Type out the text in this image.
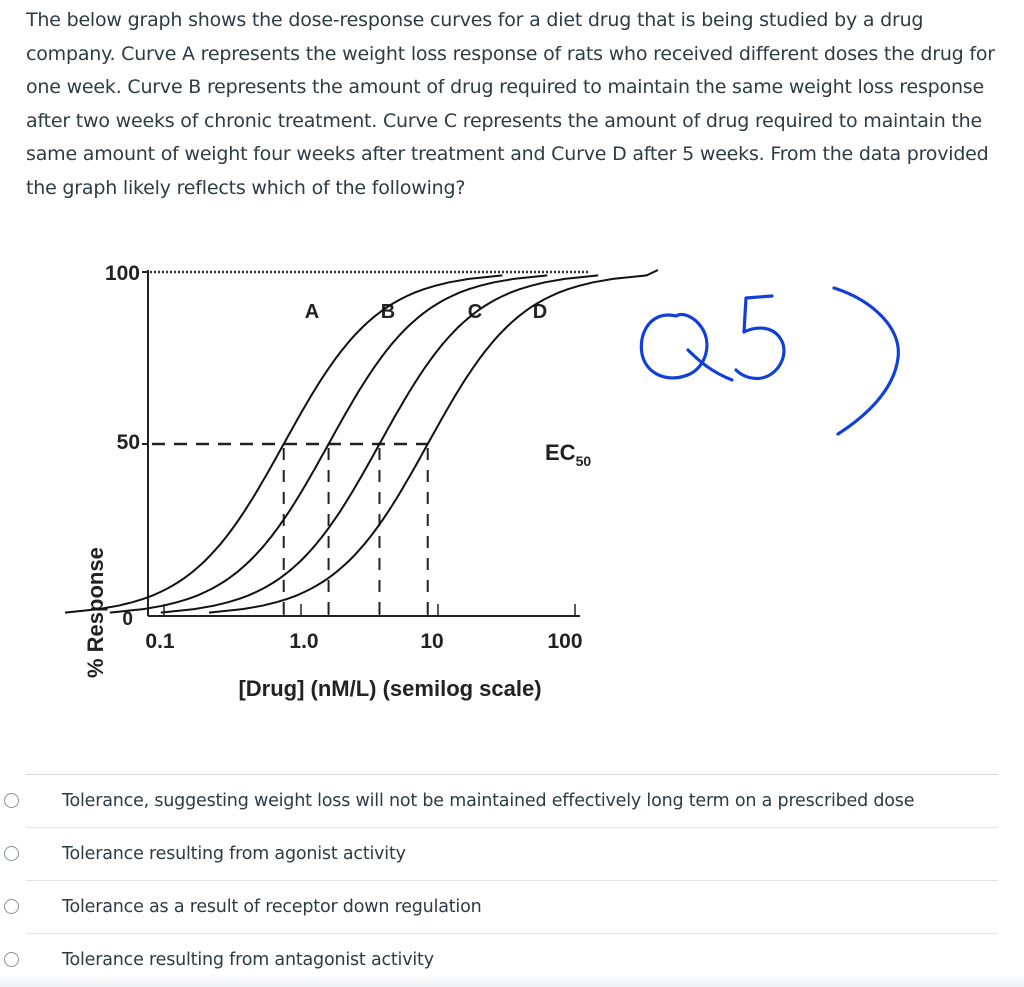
The below graph shows the dose-response curves for a diet drug that is being studied by a drug company. Curve A represents the weight loss response of rats who received different doses the drug for one week. Curve B represents the amount of drug required to maintain the same weight loss response after two weeks of chronic treatment. Curve C represents the amount of drug required to maintain the same amount of weight four weeks after treatment and Curve D after 5 weeks. From the data provided the graph likely reflects which of the following?
% Response
[Drug] (nM/L) (semilog scale)
100
50
0
0.1	1.0	10	100
A	B	C	D
$EC_{50}$
Tolerance, suggesting weight loss will not be maintained effectively long term on a prescribed dose
Tolerance resulting from agonist activity
Tolerance as a result of receptor down regulation
Tolerance resulting from antagonist activity
